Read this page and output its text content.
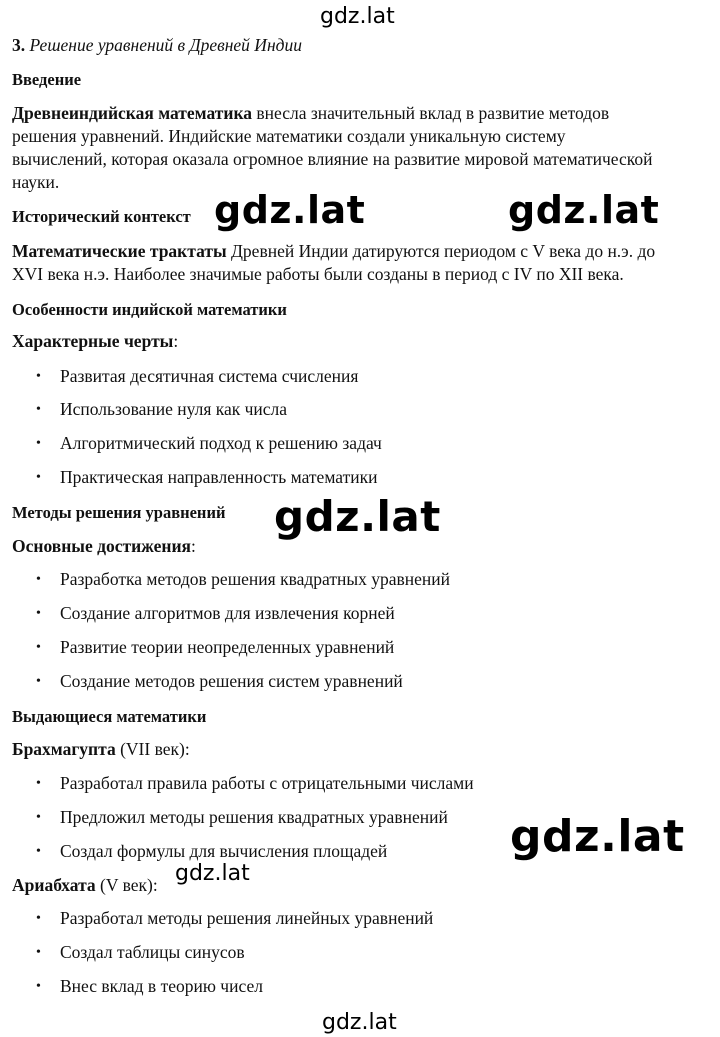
gdz.lat
3. Решение уравнений в Древней Индии
Введение
Древнеиндийская математика внесла значительный вклад в развитие методов
решения уравнений. Индийские математики создали уникальную систему
вычислений, которая оказала огромное влияние на развитие мировой математической
науки.
Исторический контекст
Математические трактаты Древней Индии датируются периодом с V века до н.э. до
XVI века н.э. Наиболее значимые работы были созданы в период с IV по XII века.
gdz.lat	gdz.lat
Особенности индийской математики
Характерные черты:
• Развитая десятичная система счисления
• Использование нуля как числа
• Алгоритмический подход к решению задач
• Практическая направленность математики
Методы решения уравнений	gdz.lat
Основные достижения:
• Разработка методов решения квадратных уравнений
• Создание алгоритмов для извлечения корней
• Развитие теории неопределенных уравнений
• Создание методов решения систем уравнений
Выдающиеся математики
Брахмагупта (VII век):
• Разработал правила работы с отрицательными числами
• Предложил методы решения квадратных уравнений
• Создал формулы для вычисления площадей	gdz.lat
Ариабхата (V век): gdz.lat
• Разработал методы решения линейных уравнений
• Создал таблицы синусов
• Внес вклад в теорию чисел
gdz.lat
